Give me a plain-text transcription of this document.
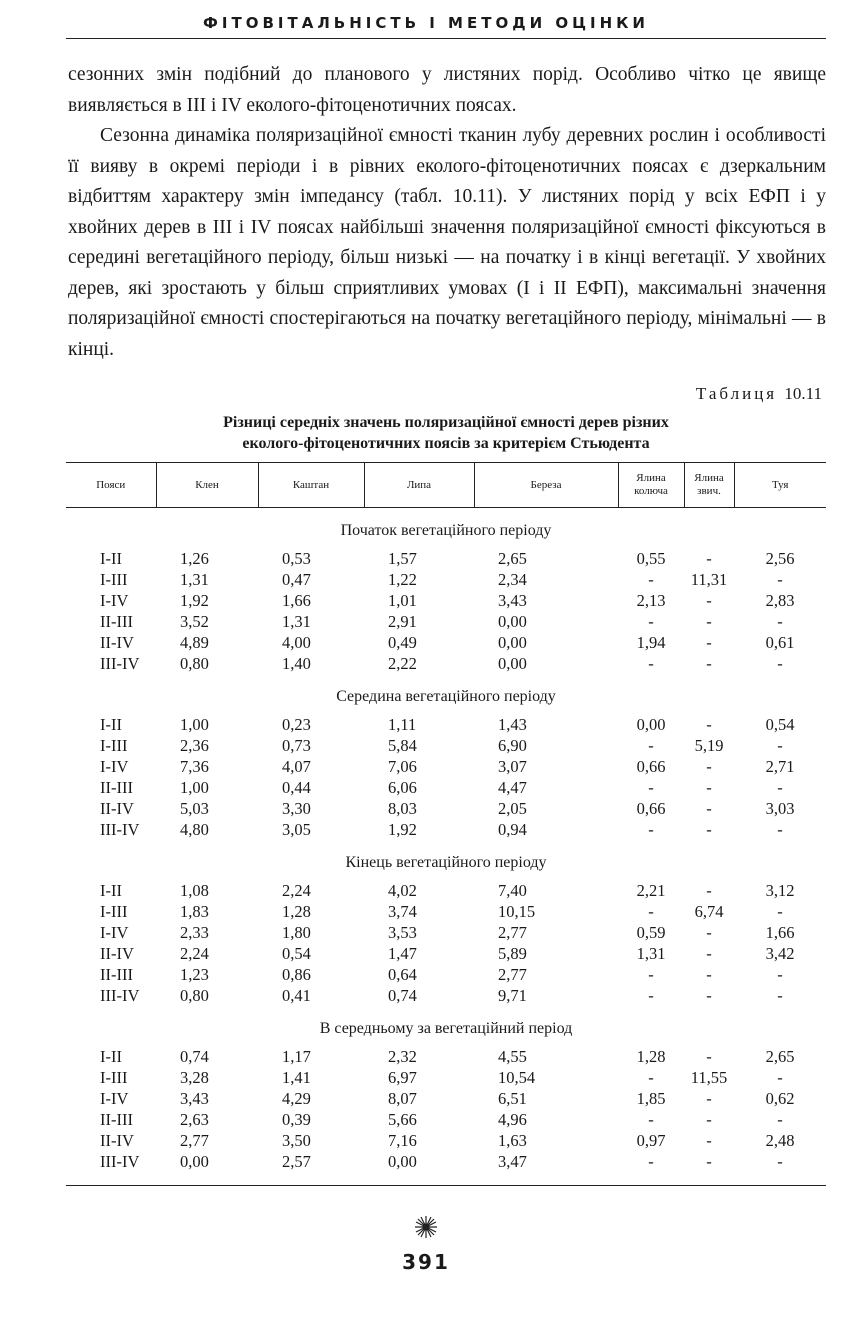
ФІТОВІТАЛЬНІСТЬ І МЕТОДИ ОЦІНКИ

сезонних змін подібний до планового у листяних порід. Особливо чітко це явище виявляється в ІІІ і IV еколого-фітоценотичних поясах.

Сезонна динаміка поляризаційної ємності тканин лубу деревних рослин і особливості її вияву в окремі періоди і в рівних еколого-фітоценотичних поясах є дзеркальним відбиттям характеру змін імпедансу (табл. 10.11). У листяних порід у всіх ЕФП і у хвойних дерев в ІІІ і IV поясах найбільші значення поляризаційної ємності фіксуються в середині вегетаційного періоду, більш низькі — на початку і в кінці вегетації. У хвойних дерев, які зростають у більш сприятливих умовах (І і ІІ ЕФП), максимальні значення поляризаційної ємності спостерігаються на початку вегетаційного періоду, мінімальні — в кінці.

Таблиця 10.11
Різниці середніх значень поляризаційної ємності дерев різних
еколого-фітоценотичних поясів за критерієм Стьюдента
Пояси	Клен	Каштан	Липа	Береза	Ялина колюча	Ялина звич.	Туя
Початок вегетаційного періоду							
I-II	1,26	0,53	1,57	2,65	0,55	-	2,56
I-III	1,31	0,47	1,22	2,34	-	11,31	-
I-IV	1,92	1,66	1,01	3,43	2,13	-	2,83
II-III	3,52	1,31	2,91	0,00	-	-	-
II-IV	4,89	4,00	0,49	0,00	1,94	-	0,61
III-IV	0,80	1,40	2,22	0,00	-	-	-
Середина вегетаційного періоду							
I-II	1,00	0,23	1,11	1,43	0,00	-	0,54
I-III	2,36	0,73	5,84	6,90	-	5,19	-
I-IV	7,36	4,07	7,06	3,07	0,66	-	2,71
II-III	1,00	0,44	6,06	4,47	-	-	-
II-IV	5,03	3,30	8,03	2,05	0,66	-	3,03
III-IV	4,80	3,05	1,92	0,94	-	-	-
Кінець вегетаційного періоду							
I-II	1,08	2,24	4,02	7,40	2,21	-	3,12
I-III	1,83	1,28	3,74	10,15	-	6,74	-
I-IV	2,33	1,80	3,53	2,77	0,59	-	1,66
II-IV	2,24	0,54	1,47	5,89	1,31	-	3,42
II-III	1,23	0,86	0,64	2,77	-	-	-
III-IV	0,80	0,41	0,74	9,71	-	-	-
В середньому за вегетаційний період							
I-II	0,74	1,17	2,32	4,55	1,28	-	2,65
I-III	3,28	1,41	6,97	10,54	-	11,55	-
I-IV	3,43	4,29	8,07	6,51	1,85	-	0,62
II-III	2,63	0,39	5,66	4,96	-	-	-
II-IV	2,77	3,50	7,16	1,63	0,97	-	2,48
III-IV	0,00	2,57	0,00	3,47	-	-	-
391
